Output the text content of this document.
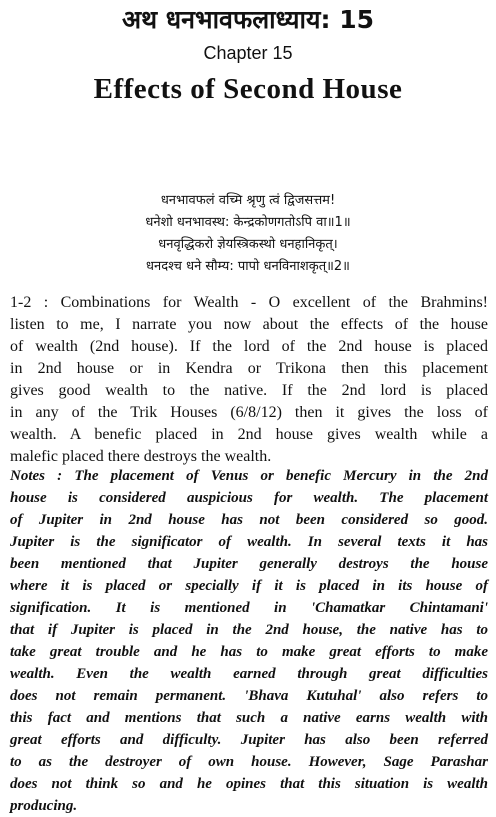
अथ धनभावफलाध्याय: 15
Chapter 15
Effects of Second House
धनभावफलं वच्मि श्रृणु त्वं द्विजसत्तम!
धनेशो धनभावस्थ: केन्द्रकोणगतोऽपि वा॥1॥
धनवृद्धिकरो ज्ञेयस्त्रिकस्थो धनहानिकृत्।
धनदश्च धने सौम्य: पापो धनविनाशकृत्॥2॥
1-2 : Combinations for Wealth - O excellent of the Brahmins!
listen to me, I narrate you now about the effects of the house
of wealth (2nd house). If the lord of the 2nd house is placed
in 2nd house or in Kendra or Trikona then this placement
gives good wealth to the native. If the 2nd lord is placed
in any of the Trik Houses (6/8/12) then it gives the loss of
wealth. A benefic placed in 2nd house gives wealth while a
malefic placed there destroys the wealth.
Notes : The placement of Venus or benefic Mercury in the 2nd
house is considered auspicious for wealth. The placement
of Jupiter in 2nd house has not been considered so good.
Jupiter is the significator of wealth. In several texts it has
been mentioned that Jupiter generally destroys the house
where it is placed or specially if it is placed in its house of
signification. It is mentioned in 'Chamatkar Chintamani'
that if Jupiter is placed in the 2nd house, the native has to
take great trouble and he has to make great efforts to make
wealth. Even the wealth earned through great difficulties
does not remain permanent. 'Bhava Kutuhal' also refers to
this fact and mentions that such a native earns wealth with
great efforts and difficulty. Jupiter has also been referred
to as the destroyer of own house. However, Sage Parashar
does not think so and he opines that this situation is wealth
producing.
